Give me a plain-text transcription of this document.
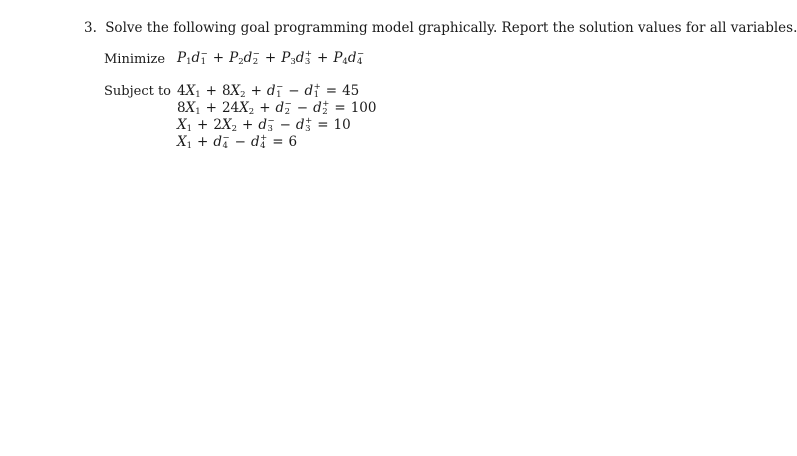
3. Solve the following goal programming model graphically. Report the solution values for all variables.
Minimize $P_1d$ −
$1 + P_2d$ −
$2 + P_3d$ +
$3 + P_4d$ −
4
Subject to $4X_1 + 8X_2 + d$ −
1 − d +
1 = 45
$8X_1 + 24X_2 + d$ −
2 − d +
2 = 100
$X_1 + 2X_2 + d$ −
3 − d +
3 = 10
$X_1 + d$ −
4 − d +
4 = 6
